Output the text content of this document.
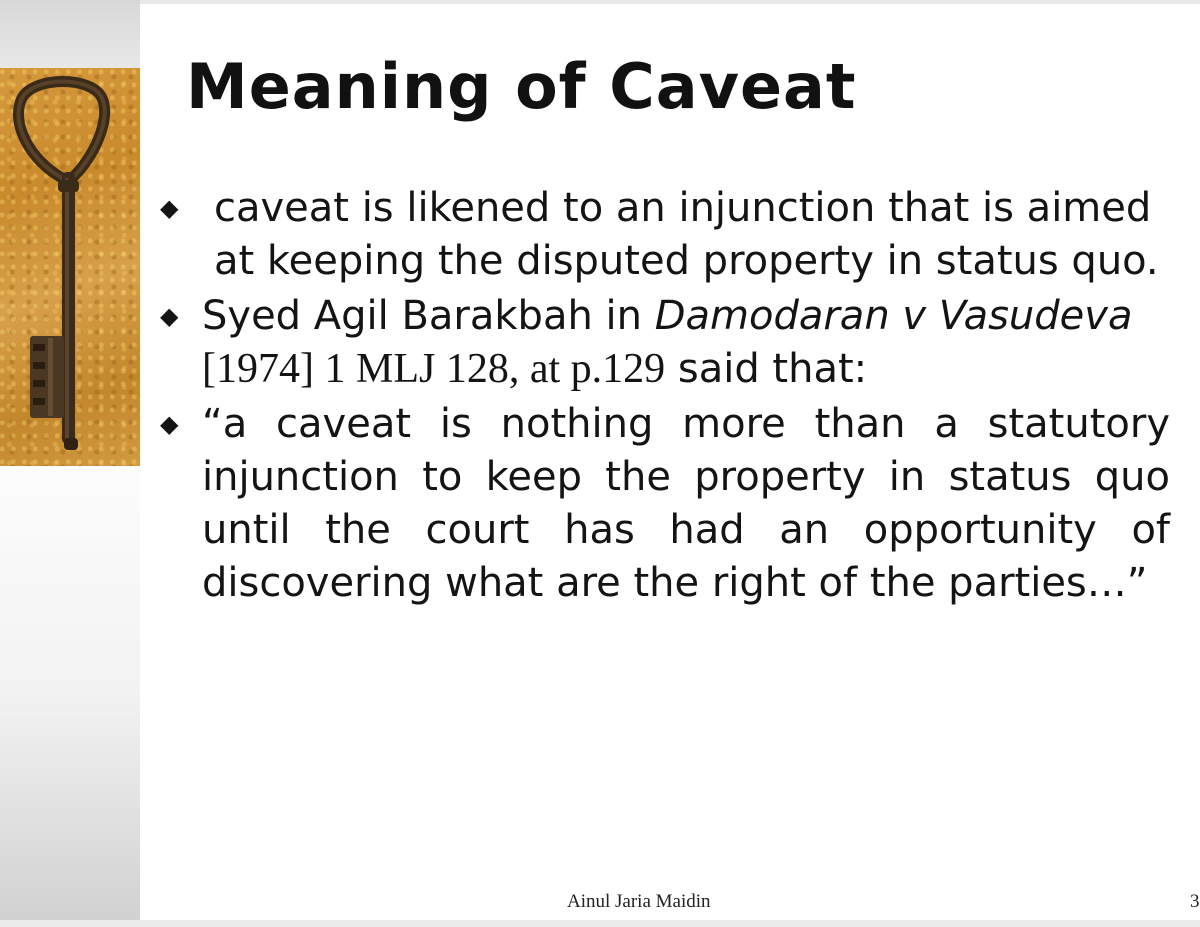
Meaning of Caveat
◆ caveat is likened to an injunction that is aimed at keeping the disputed property in status quo.
◆ Syed Agil Barakbah in Damodaran v Vasudeva [1974] 1 MLJ 128, at p.129 said that:
◆ “a caveat is nothing more than a statutory injunction to keep the property in status quo until the court has had an opportunity of discovering what are the right of the parties…”
Ainul Jaria Maidin	3
